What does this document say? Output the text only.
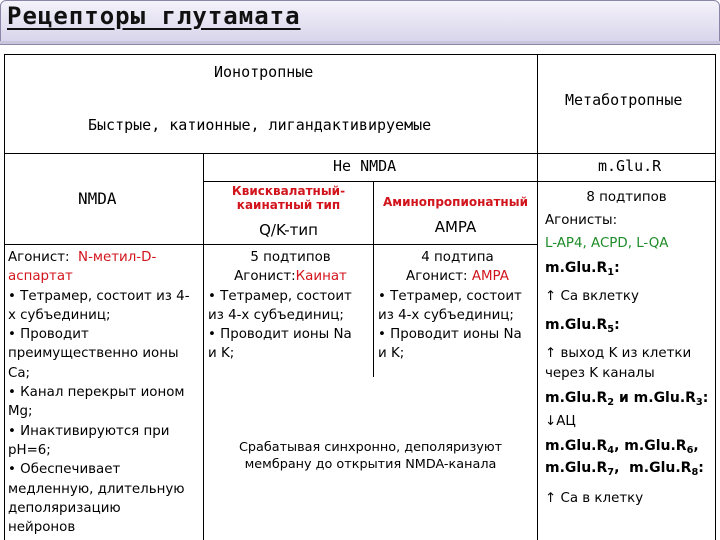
Рецепторы глутамата
Ионотропные
Быстрые, катионные, лигандактивируемые
Метаботропные
Не NMDA	m.Glu.R
NMDA
Агонист: N-метил-D-
аспартат
• Тетрамер, состоит из 4-
х субъединиц;
• Проводит
преимущественно ионы
Ca;
• Канал перекрыт ионом
Mg;
• Инактивируются при
pH=6;
• Обеспечивает
медленную, длительную
деполяризацию
нейронов
Квисквалатный-
каинатный тип
Q/K-тип
5 подтипов
Агонист:Каинат
• Тетрамер, состоит
из 4-х субъединиц;
• Проводит ионы Na
и K;
Аминопропионатный
AMPA
4 подтипа
Агонист: AMPA
• Тетрамер, состоит
из 4-х субъединиц;
• Проводит ионы Na
и K;
Срабатывая синхронно, деполяризуют
мембрану до открытия NMDA-канала
8 подтипов
Агонисты:
L-AP4, ACPD, L-QA
$m.Glu.R_1$:
↑ Ca вклетку
$m.Glu.R_5$:
↑ выход K из клетки
через K каналы
$m.Glu.R_2$ и $m.Glu.R_3$:
↓АЦ
$m.Glu.R_4$, $m.Glu.R_6$,
$m.Glu.R_7$,  $m.Glu.R_8$:
↑ Ca в клетку
